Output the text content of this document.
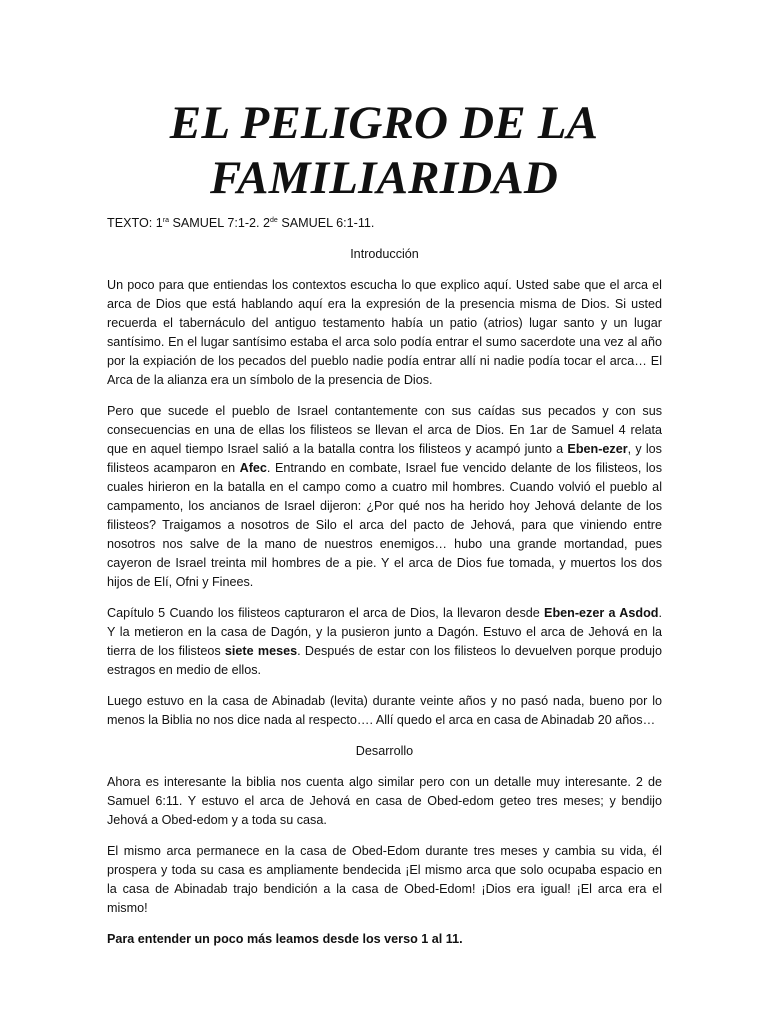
EL PELIGRO DE LA
FAMILIARIDAD

TEXTO: $1^{ra}$ SAMUEL 7:1-2. 2de SAMUEL 6:1-11.

Introducción

Un poco para que entiendas los contextos escucha lo que explico aquí. Usted sabe que el arca el arca de Dios que está hablando aquí era la expresión de la presencia misma de Dios. Si usted recuerda el tabernáculo del antiguo testamento había un patio (atrios) lugar santo y un lugar santísimo. En el lugar santísimo estaba el arca solo podía entrar el sumo sacerdote una vez al año por la expiación de los pecados del pueblo nadie podía entrar allí ni nadie podía tocar el arca… El Arca de la alianza era un símbolo de la presencia de Dios.

Pero que sucede el pueblo de Israel contantemente con sus caídas sus pecados y con sus consecuencias en una de ellas los filisteos se llevan el arca de Dios. En 1ar de Samuel 4 relata que en aquel tiempo Israel salió a la batalla contra los filisteos y acampó junto a Eben-ezer, y los filisteos acamparon en Afec. Entrando en combate, Israel fue vencido delante de los filisteos, los cuales hirieron en la batalla en el campo como a cuatro mil hombres. Cuando volvió el pueblo al campamento, los ancianos de Israel dijeron: ¿Por qué nos ha herido hoy Jehová delante de los filisteos? Traigamos a nosotros de Silo el arca del pacto de Jehová, para que viniendo entre nosotros nos salve de la mano de nuestros enemigos… hubo una grande mortandad, pues cayeron de Israel treinta mil hombres de a pie. Y el arca de Dios fue tomada, y muertos los dos hijos de Elí, Ofni y Finees.

Capítulo 5 Cuando los filisteos capturaron el arca de Dios, la llevaron desde Eben-ezer a Asdod. Y la metieron en la casa de Dagón, y la pusieron junto a Dagón. Estuvo el arca de Jehová en la tierra de los filisteos siete meses. Después de estar con los filisteos lo devuelven porque produjo estragos en medio de ellos.

Luego estuvo en la casa de Abinadab (levita) durante veinte años y no pasó nada, bueno por lo menos la Biblia no nos dice nada al respecto…. Allí quedo el arca en casa de Abinadab 20 años…

Desarrollo

Ahora es interesante la biblia nos cuenta algo similar pero con un detalle muy interesante. 2 de Samuel 6:11. Y estuvo el arca de Jehová en casa de Obed-edom geteo tres meses; y bendijo Jehová a Obed-edom y a toda su casa.

El mismo arca permanece en la casa de Obed-Edom durante tres meses y cambia su vida, él prospera y toda su casa es ampliamente bendecida ¡El mismo arca que solo ocupaba espacio en la casa de Abinadab trajo bendición a la casa de Obed-Edom! ¡Dios era igual! ¡El arca era el mismo!

Para entender un poco más leamos desde los verso 1 al 11.
